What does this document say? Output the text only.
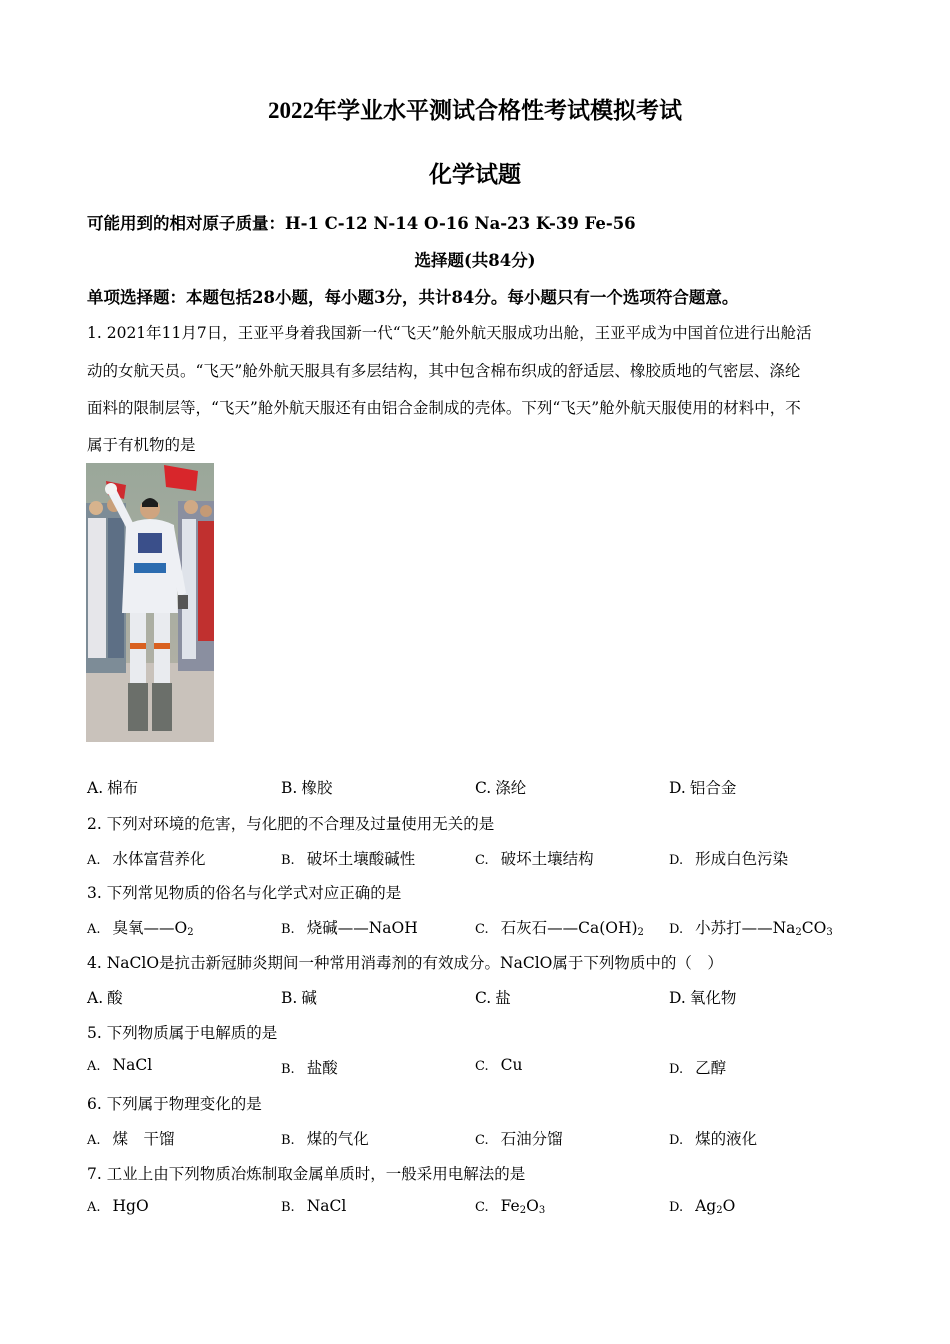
2022年学业水平测试合格性考试模拟考试
化学试题
可能用到的相对原子质量：H-1 C-12 N-14 O-16 Na-23 K-39 Fe-56
选择题(共84分)
单项选择题：本题包括28小题，每小题3分，共计84分。每小题只有一个选项符合题意。
1. 2021年11月7日，王亚平身着我国新一代“飞天”舱外航天服成功出舱，王亚平成为中国首位进行出舱活
动的女航天员。“飞天”舱外航天服具有多层结构，其中包含棉布织成的舒适层、橡胶质地的气密层、涤纶
面料的限制层等，“飞天”舱外航天服还有由铝合金制成的壳体。下列“飞天”舱外航天服使用的材料中，不
属于有机物的是
A. 棉布	B. 橡胶	C. 涤纶	D. 铝合金
2. 下列对环境的危害，与化肥的不合理及过量使用无关的是
A. 水体富营养化	B. 破坏土壤酸碱性	C. 破坏土壤结构	D. 形成白色污染
3. 下列常见物质的俗名与化学式对应正确的是
A. 臭氧$——O_2$	B. 烧碱——NaOH	C. 石灰石$——Ca(OH)_2$ D. 小苏打$——Na_2CO_3$
4. NaClO是抗击新冠肺炎期间一种常用消毒剂的有效成分。NaClO属于下列物质中的（　）
A. 酸	B. 碱	C. 盐	D. 氧化物
5. 下列物质属于电解质的是
A. NaCl	B. 盐酸	C. Cu	D. 乙醇
6. 下列属于物理变化的是
A. 煤　干馏	B. 煤的气化	C. 石油分馏	D. 煤的液化
7. 工业上由下列物质冶炼制取金属单质时，一般采用电解法的是
A. HgO	B. NaCl	C. $Fe_2O_3$	D. $Ag_2O$
